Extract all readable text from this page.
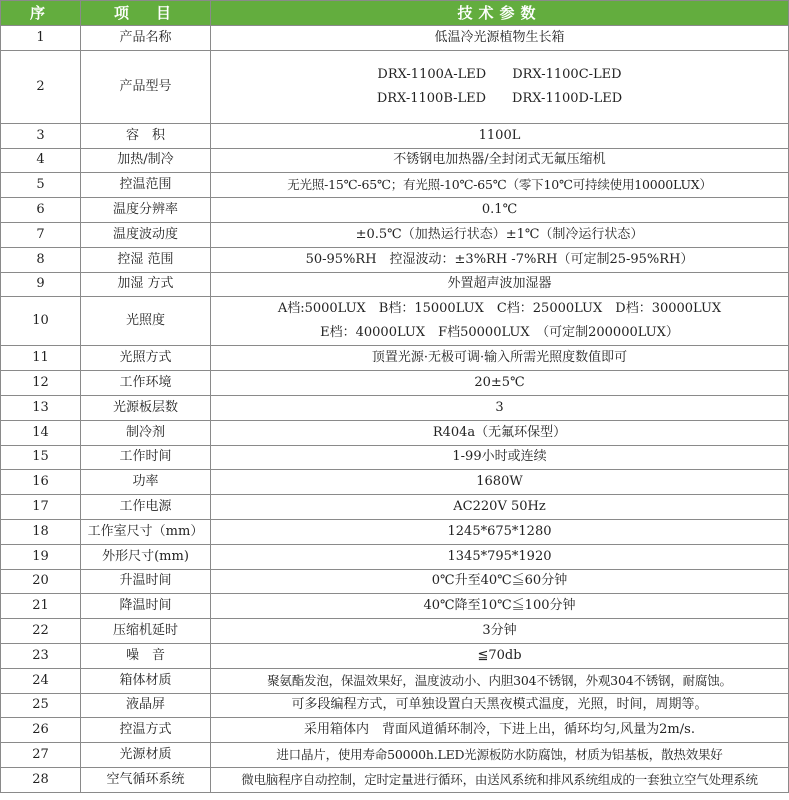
序	项　目	技术参数
1	产品名称	低温冷光源植物生长箱
2	产品型号	DRX-1100A-LED　　DRX-1100C-LED
DRX-1100B-LED　　DRX-1100D-LED

3	容　积	1100L
4	加热/制冷	不锈钢电加热器/全封闭式无氟压缩机
5	控温范围	无光照-15℃-65℃；有光照-10℃-65℃（零下10℃可持续使用10000LUX）
6	温度分辨率	0.1℃
7	温度波动度	±0.5℃（加热运行状态）±1℃（制冷运行状态）
8	控湿 范围	50-95%RH　控湿波动：±3%RH -7%RH（可定制25-95%RH）
9	加湿 方式	外置超声波加湿器
10	光照度	A档:5000LUX　B档：15000LUX　C档：25000LUX　D档：30000LUX
E档：40000LUX　F档50000LUX　（可定制200000LUX）

11	光照方式	顶置光源·无极可调·输入所需光照度数值即可
12	工作环境	20±5℃
13	光源板层数	3
14	制冷剂	R404a（无氟环保型）
15	工作时间	1-99小时或连续
16	功率	1680W
17	工作电源	AC220V 50Hz
18	工作室尺寸（mm）	1245*675*1280
19	外形尺寸(mm)	1345*795*1920
20	升温时间	0℃升至40℃≦60分钟
21	降温时间	40℃降至10℃≦100分钟
22	压缩机延时	3分钟
23	噪　音	≦70db
24	箱体材质	聚氨酯发泡，保温效果好，温度波动小、内胆304不锈钢，外观304不锈钢，耐腐蚀。
25	液晶屏	可多段编程方式，可单独设置白天黑夜模式温度，光照，时间，周期等。
26	控温方式	采用箱体内　背面风道循环制冷，下进上出，循环均匀,风量为2m/s.
27	光源材质	进口晶片，使用寿命50000h.LED光源板防水防腐蚀，材质为铝基板，散热效果好
28	空气循环系统	微电脑程序自动控制，定时定量进行循环，由送风系统和排风系统组成的一套独立空气处理系统
